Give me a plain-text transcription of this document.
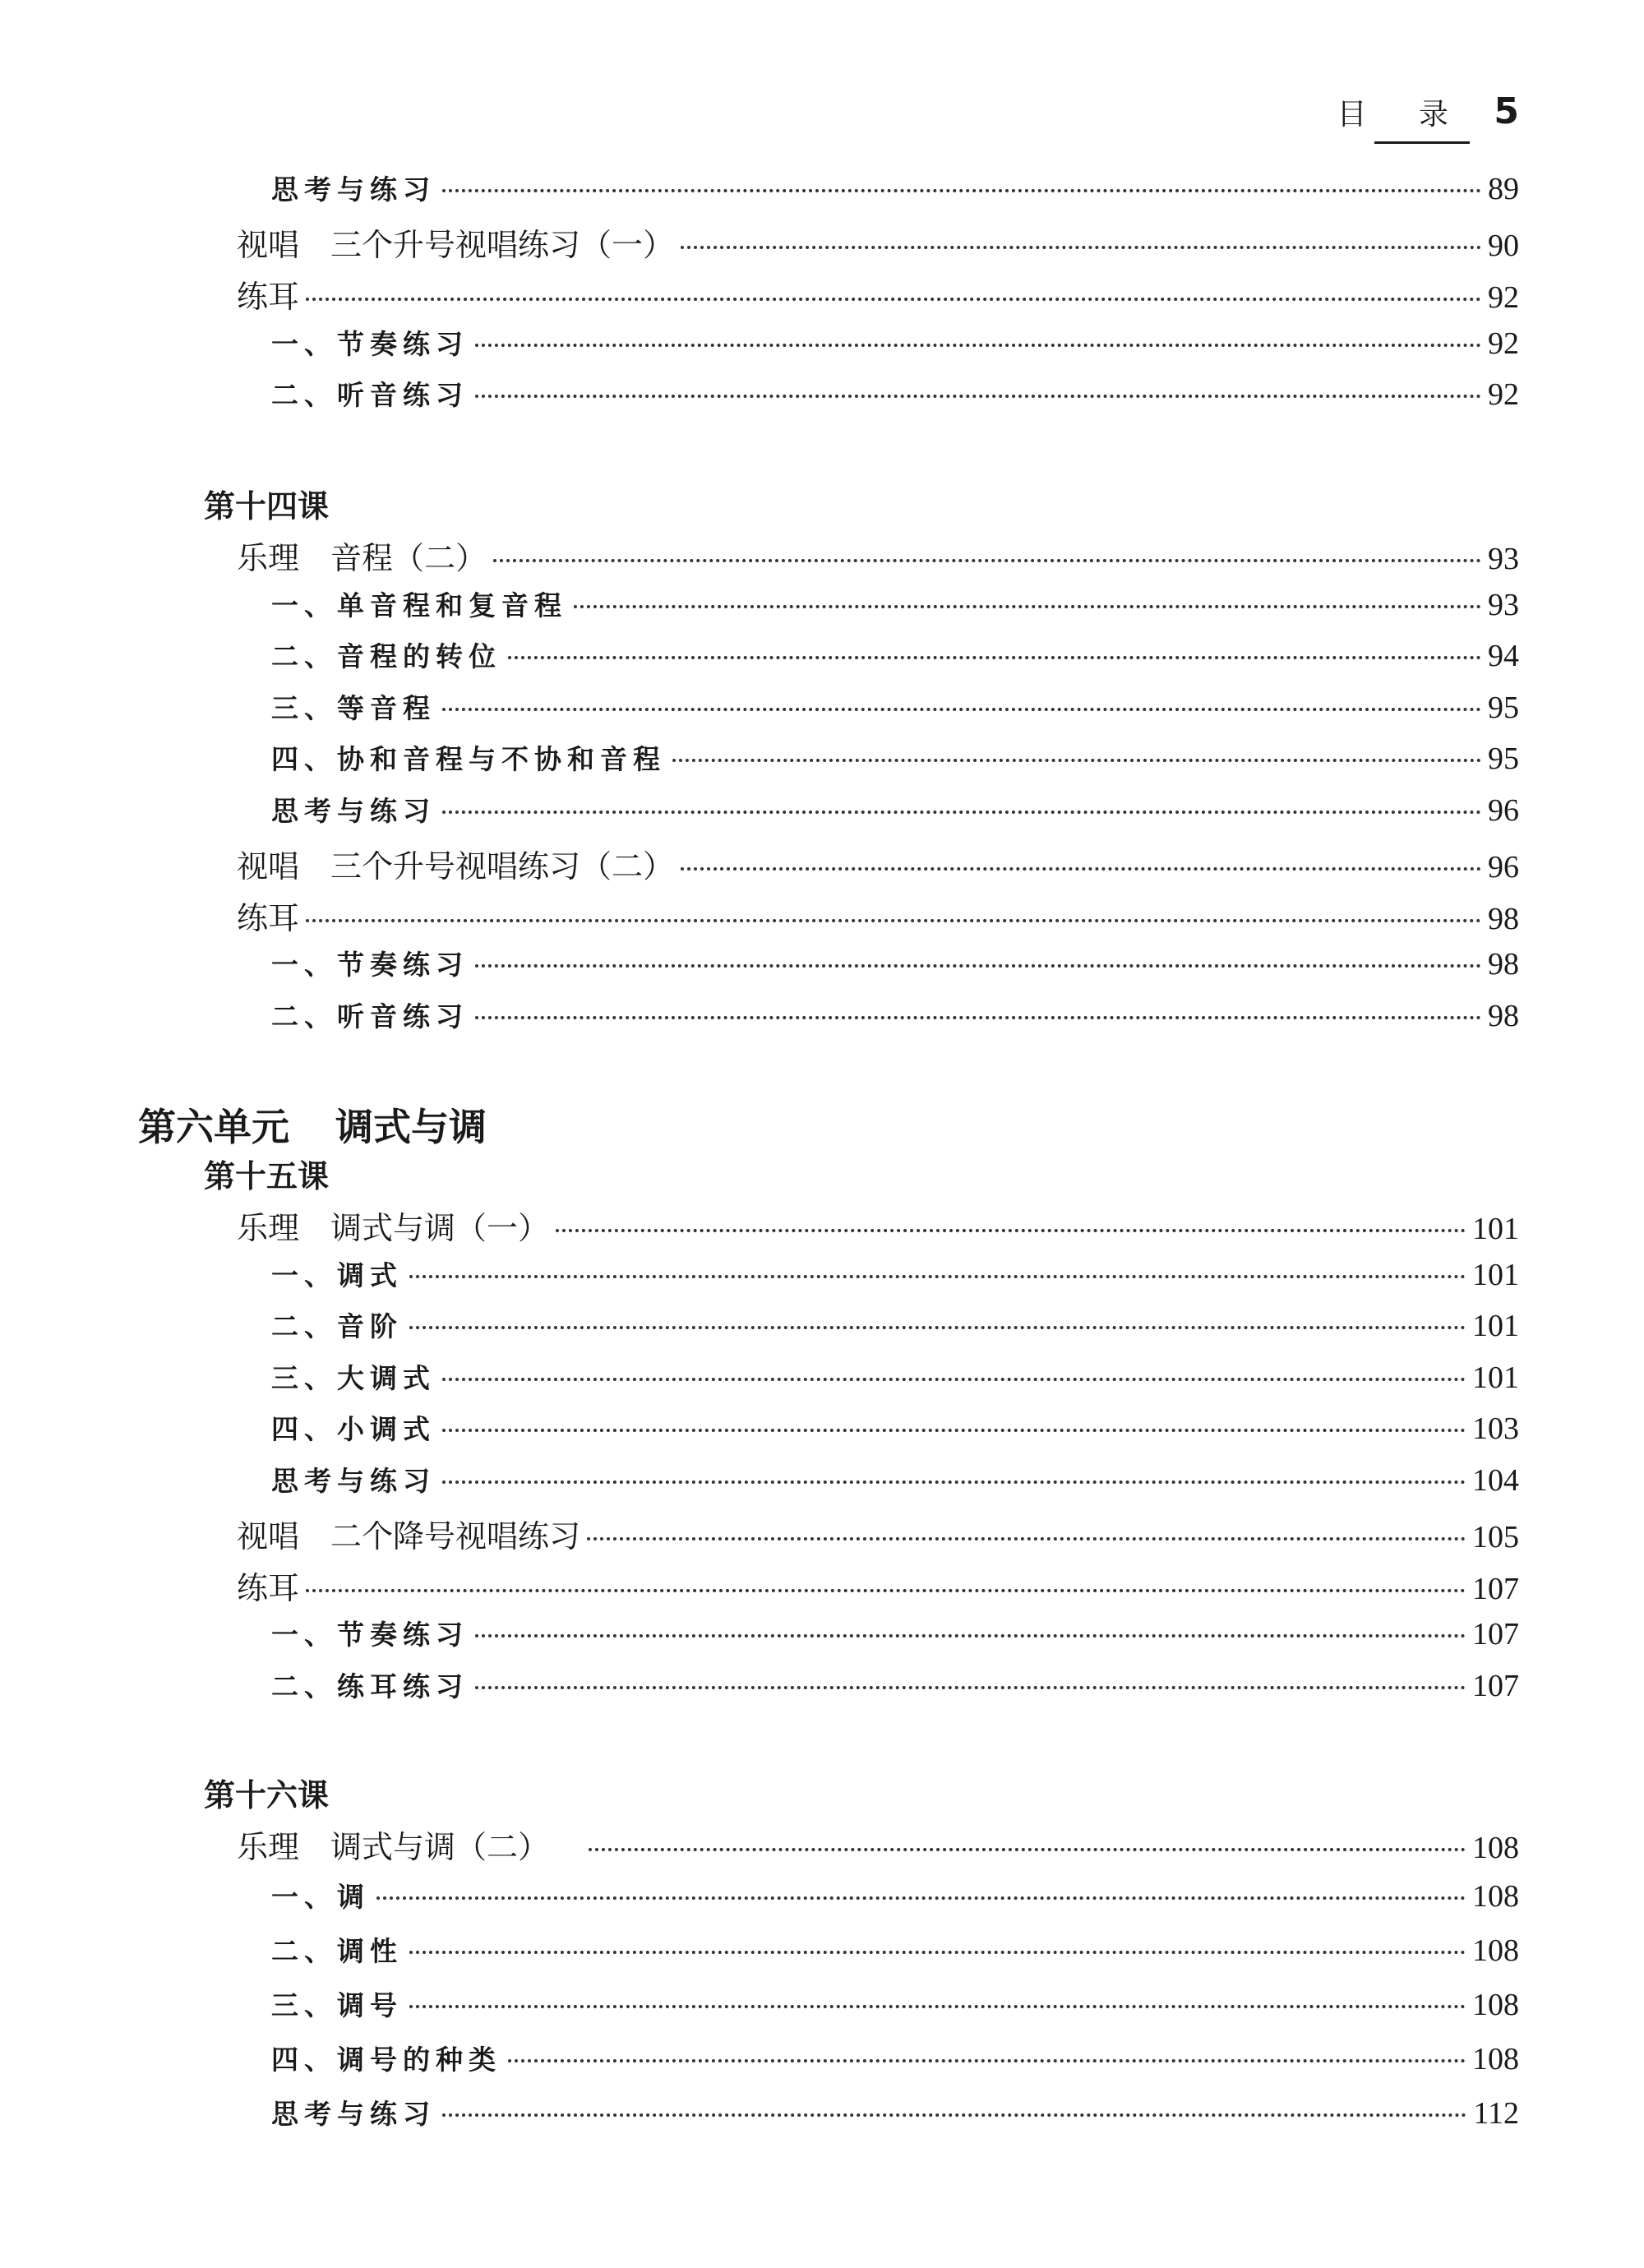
目 录 5
思考与练习	89
视唱　三个升号视唱练习（一）	90
练耳	92
一、节奏练习	92
二、听音练习	92
第十四课
乐理　音程（二）	93
一、单音程和复音程	93
二、音程的转位	94
三、等音程	95
四、协和音程与不协和音程	95
思考与练习	96
视唱　三个升号视唱练习（二）	96
练耳	98
一、节奏练习	98
二、听音练习	98
第六单元 调式与调
第十五课
乐理　调式与调（一）	101
一、调式	101
二、音阶	101
三、大调式	101
四、小调式	103
思考与练习	104
视唱　二个降号视唱练习	105
练耳	107
一、节奏练习	107
二、练耳练习	107
第十六课
乐理　调式与调（二）	108
一、调	108
二、调性	108
三、调号	108
四、调号的种类	108
思考与练习	112
